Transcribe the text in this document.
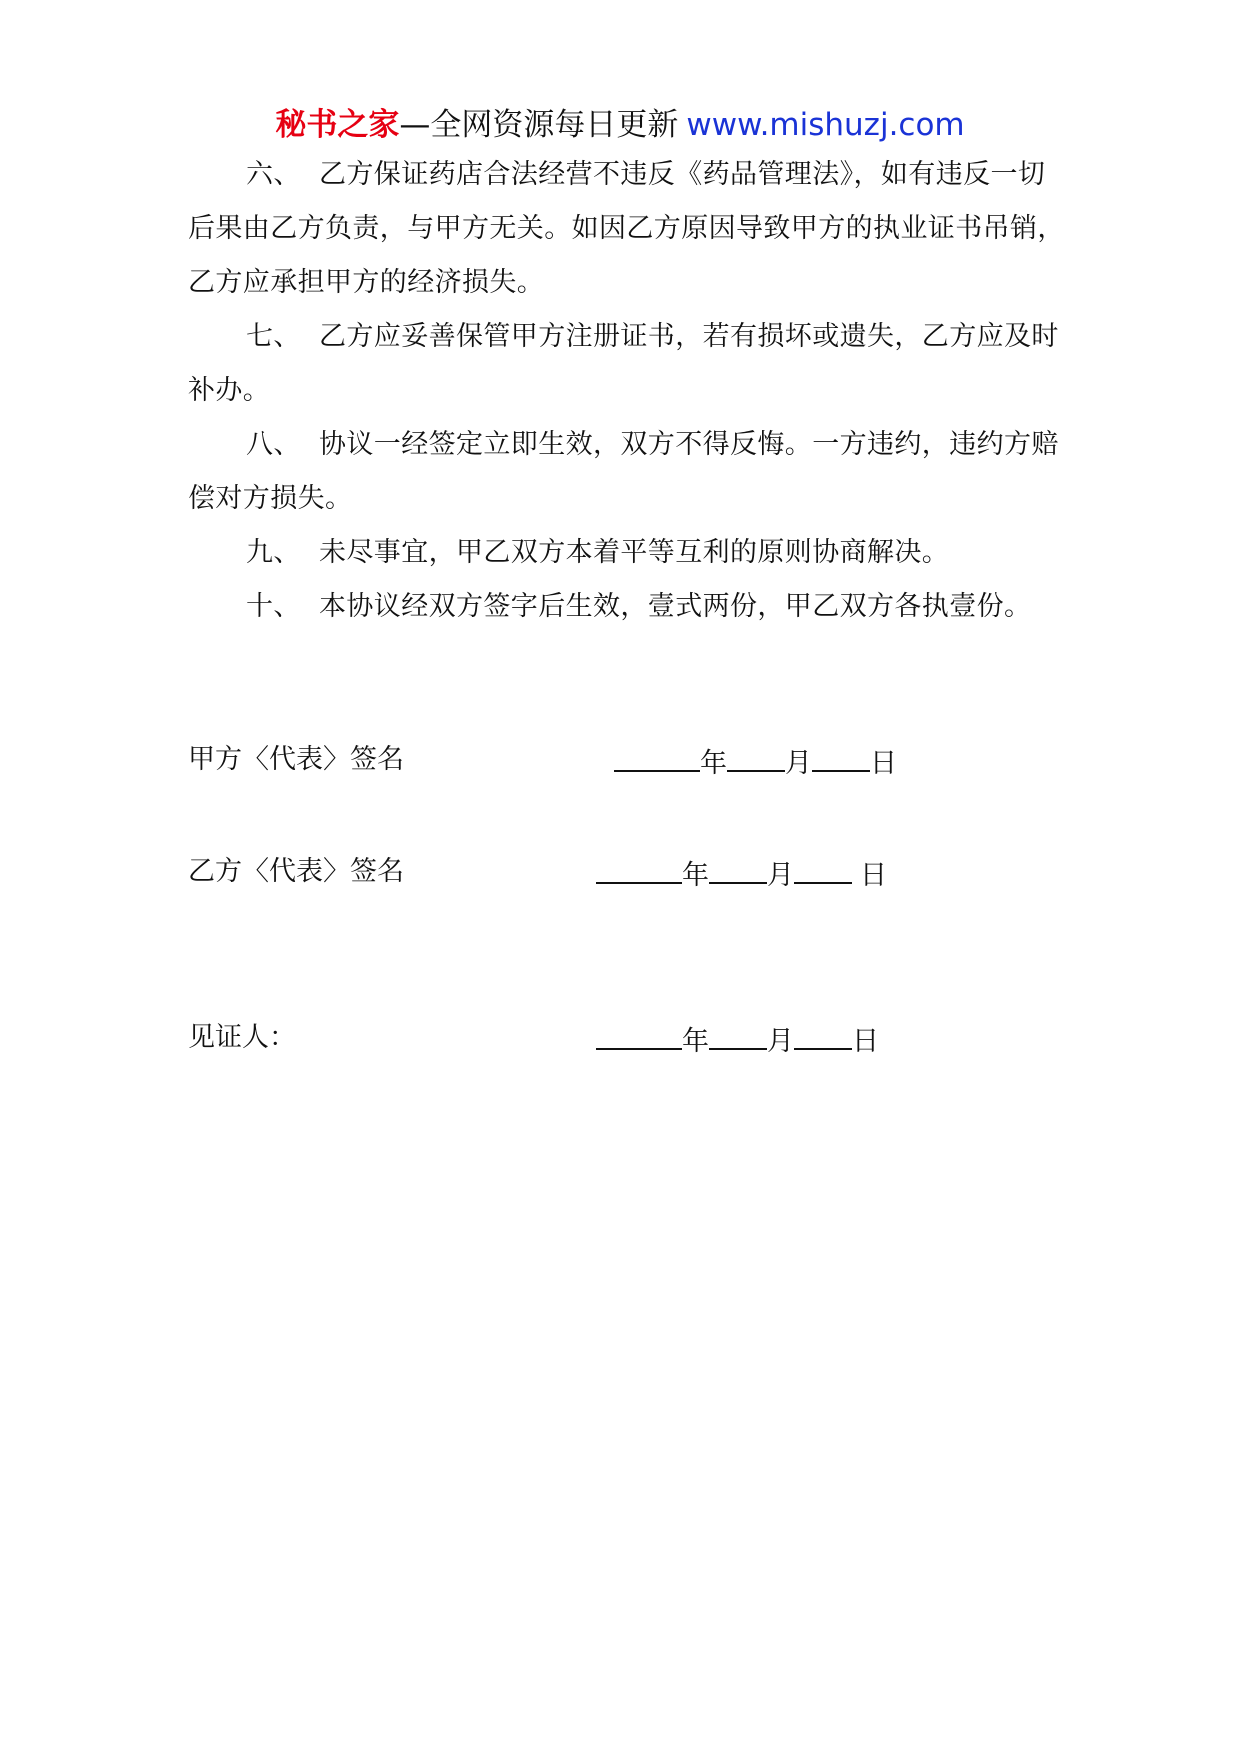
秘书之家—全网资源每日更新 www.mishuzj.com

六、 乙方保证药店合法经营不违反《药品管理法》，如有违反一切后果由乙方负责，与甲方无关。如因乙方原因导致甲方的执业证书吊销，乙方应承担甲方的经济损失。

七、 乙方应妥善保管甲方注册证书，若有损坏或遗失，乙方应及时补办。

八、 协议一经签定立即生效，双方不得反悔。一方违约，违约方赔偿对方损失。

九、 未尽事宜，甲乙双方本着平等互利的原则协商解决。

十、 本协议经双方签字后生效，壹式两份，甲乙双方各执壹份。

甲方〈代表〉签名	年 月 日
乙方〈代表〉签名	年 月 日
见证人：	年 月 日
